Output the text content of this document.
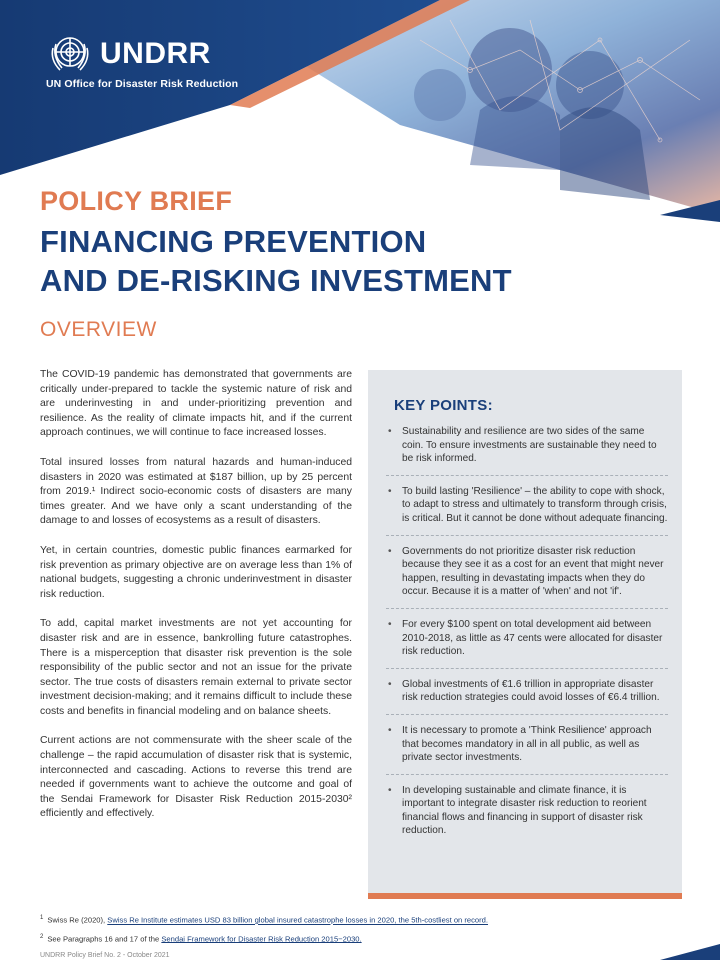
UNDRR
UN Office for Disaster Risk Reduction
POLICY BRIEF
FINANCING PREVENTION
AND DE-RISKING INVESTMENT
OVERVIEW

The COVID-19 pandemic has demonstrated that governments are critically under-prepared to tackle the systemic nature of risk and are underinvesting in and under-prioritizing prevention and resilience. As the reality of climate impacts hit, and if the current approach continues, we will continue to face increased losses.

Total insured losses from natural hazards and human-induced disasters in 2020 was estimated at $187 billion, up by 25 percent from 2019.¹ Indirect socio-economic costs of disasters are many times greater. And we have only a scant understanding of the damage to and losses of ecosystems as a result of disasters.

Yet, in certain countries, domestic public finances earmarked for risk prevention as primary objective are on average less than 1% of national budgets, suggesting a chronic underinvestment in disaster risk reduction.

To add, capital market investments are not yet accounting for disaster risk and are in essence, bankrolling future catastrophes. There is a misperception that disaster risk prevention is the sole responsibility of the public sector and not an issue for the private sector. The true costs of disasters remain external to private sector investment decision-making; and it remains difficult to include these costs and benefits in financial modeling and on balance sheets.

Current actions are not commensurate with the sheer scale of the challenge – the rapid accumulation of disaster risk that is systemic, interconnected and cascading. Actions to reverse this trend are needed if governments want to achieve the outcome and goal of the Sendai Framework for Disaster Risk Reduction 2015-2030² efficiently and effectively.

KEY POINTS:
• Sustainability and resilience are two sides of the same coin. To ensure investments are sustainable they need to be risk informed.
• To build lasting 'Resilience' – the ability to cope with shock, to adapt to stress and ultimately to transform through crisis, is critical. But it cannot be done without adequate financing.
• Governments do not prioritize disaster risk reduction because they see it as a cost for an event that might never happen, resulting in devastating impacts when they do occur. Because it is a matter of 'when' and not 'if'.
• For every $100 spent on total development aid between 2010-2018, as little as 47 cents were allocated for disaster risk reduction.
• Global investments of €1.6 trillion in appropriate disaster risk reduction strategies could avoid losses of €6.4 trillion.
• It is necessary to promote a 'Think Resilience' approach that becomes mandatory in all in all public, as well as private sector investments.
• In developing sustainable and climate finance, it is important to integrate disaster risk reduction to reorient financial flows and financing in support of disaster risk reduction.
$^1$ Swiss Re (2020), Swiss Re Institute estimates USD 83 billion global insured catastrophe losses in 2020, the 5th-costliest on record.
$^2$ See Paragraphs 16 and 17 of the Sendai Framework for Disaster Risk Reduction 2015−2030.
UNDRR Policy Brief No. 2 - October 2021
